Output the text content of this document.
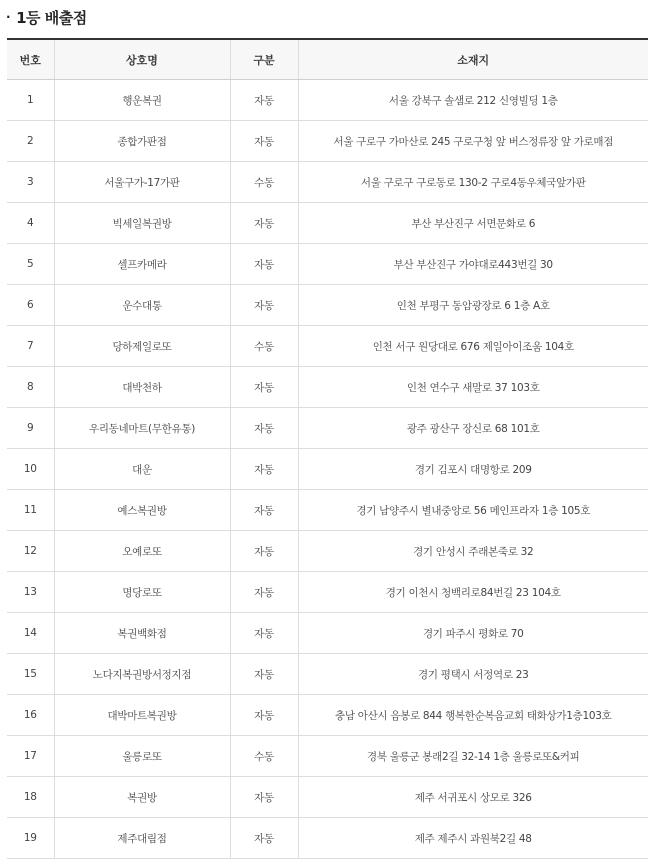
· 1등 배출점
번호	상호명	구분	소재지
1	행운복권	자동	서울 강북구 솔샘로 212 신영빌딩 1층
2	종합가판점	자동	서울 구로구 가마산로 245 구로구청 앞 버스정류장 앞 가로매점
3	서울구가-17가판	수동	서울 구로구 구로동로 130-2 구로4동우체국앞가판
4	빅세일복권방	자동	부산 부산진구 서면문화로 6
5	셀프카메라	자동	부산 부산진구 가야대로443번길 30
6	운수대통	자동	인천 부평구 동암광장로 6 1층 A호
7	당하제일로또	수동	인천 서구 원당대로 676 제일아이조움 104호
8	대박천하	자동	인천 연수구 새말로 37 103호
9	우리동네마트(무한유통)	자동	광주 광산구 장신로 68 101호
10	대운	자동	경기 김포시 대명항로 209
11	예스복권방	자동	경기 남양주시 별내중앙로 56 메인프라자 1층 105호
12	오예로또	자동	경기 안성시 주래본죽로 32
13	명당로또	자동	경기 이천시 청백리로84번길 23 104호
14	복권백화점	자동	경기 파주시 평화로 70
15	노다지복권방서정지점	자동	경기 평택시 서정역로 23
16	대박마트복권방	자동	충남 아산시 음봉로 844 행복한순복음교회 태화상가1층103호
17	울릉로또	수동	경북 울릉군 봉래2길 32-14 1층 울릉로또&커피
18	복권방	자동	제주 서귀포시 상모로 326
19	제주대림점	자동	제주 제주시 과원북2길 48
